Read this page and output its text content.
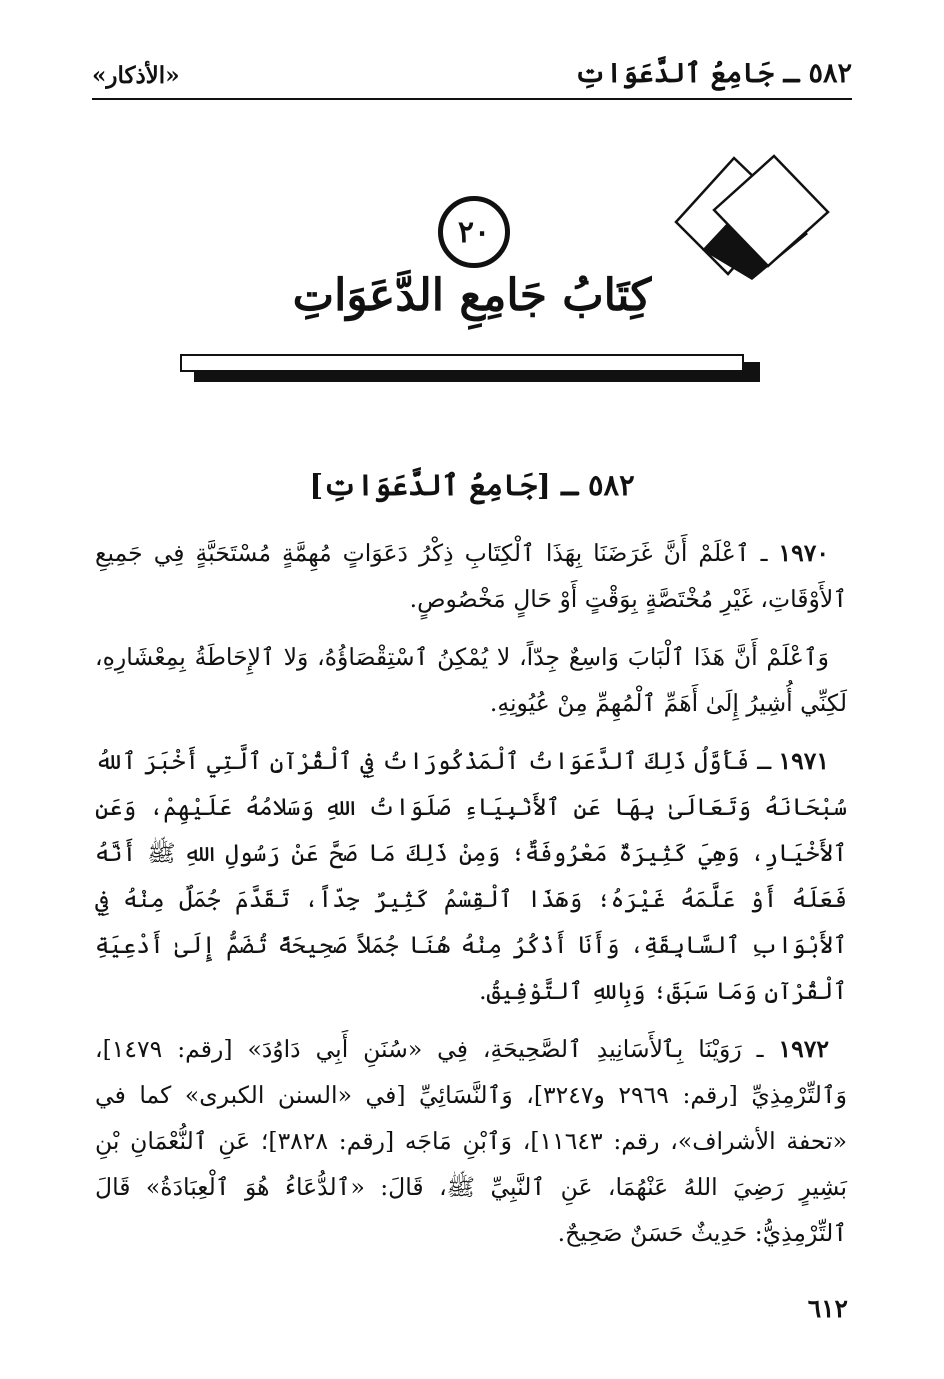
٥٨٢ ـ جَامِعُ ٱلدَّعَوَاتِ
«الأذكار»
٢٠
كِتَابُ جَامِعِ الدَّعَوَاتِ
٥٨٢ ـ [جَامِعُ ٱلدَّعَوَاتِ]

١٩٧٠ ـ ٱعْلَمْ أَنَّ غَرَضَنَا بِهَذَا ٱلْكِتَابِ ذِكْرُ دَعَوَاتٍ مُهِمَّةٍ مُسْتَحَبَّةٍ فِي جَمِيعِ ٱلأَوْقَاتِ، غَيْرِ مُخْتَصَّةٍ بِوَقْتٍ أَوْ حَالٍ مَخْصُوصٍ.

وَٱعْلَمْ أَنَّ هَذَا ٱلْبَابَ وَاسِعٌ جِدّاً، لا يُمْكِنُ ٱسْتِقْصَاؤُهُ، وَلا ٱلإِحَاطَةُ بِمِعْشَارِهِ، لَكِنِّي أُشِيرُ إِلَىٰ أَهَمِّ ٱلْمُهِمِّ مِنْ عُيُونِهِ.

١٩٧١ ـ فَأَوَّلُ ذَلِكَ ٱلدَّعَوَاتُ ٱلْمَذْكُورَاتُ فِي ٱلْقُرْآنِ ٱلَّتِي أَخْبَرَ ٱللهُ سُبْحَانَهُ وَتَعَالَىٰ بِهَا عَنِ ٱلأَنْبِيَاءِ صَلَوَاتُ اللهِ وَسَلامُهُ عَلَيْهِمْ، وَعَنِ ٱلأَخْيَارِ، وَهِيَ كَثِيرَةٌ مَعْرُوفَةٌ؛ وَمِنْ ذَلِكَ مَا صَحَّ عَنْ رَسُولِ اللهِ ﷺ أَنَّهُ فَعَلَهُ أَوْ عَلَّمَهُ غَيْرَهُ؛ وَهَذَا ٱلْقِسْمُ كَثِيرٌ جِدّاً، تَقَدَّمَ جُمَلٌ مِنْهُ فِي ٱلأَبْوَابِ ٱلسَّابِقَةِ، وَأَنَا أَذْكُرُ مِنْهُ هُنَا جُمَلاً صَحِيحَةً تُضَمُّ إِلَىٰ أَدْعِيَةِ ٱلْقُرْآنِ وَمَا سَبَقَ؛ وَبِاللهِ ٱلتَّوْفِيقُ.

١٩٧٢ ـ رَوَيْنَا بِٱلأَسَانِيدِ ٱلصَّحِيحَةِ، فِي «سُنَنِ أَبِي دَاوُدَ» [رقم: ١٤٧٩]، وَٱلتِّرْمِذِيِّ [رقم: ٢٩٦٩ و٣٢٤٧]، وَٱلنَّسَائِيِّ [في «السنن الكبرى» كما في «تحفة الأشراف»، رقم: ١١٦٤٣]، وَٱبْنِ مَاجَه [رقم: ٣٨٢٨]؛ عَنِ ٱلنُّعْمَانِ بْنِ بَشِيرٍ رَضِيَ اللهُ عَنْهُمَا، عَنِ ٱلنَّبِيِّ ﷺ، قَالَ: «ٱلدُّعَاءُ هُوَ ٱلْعِبَادَةُ» قَالَ ٱلتِّرْمِذِيُّ: حَدِيثٌ حَسَنٌ صَحِيحٌ.

٦١٢
